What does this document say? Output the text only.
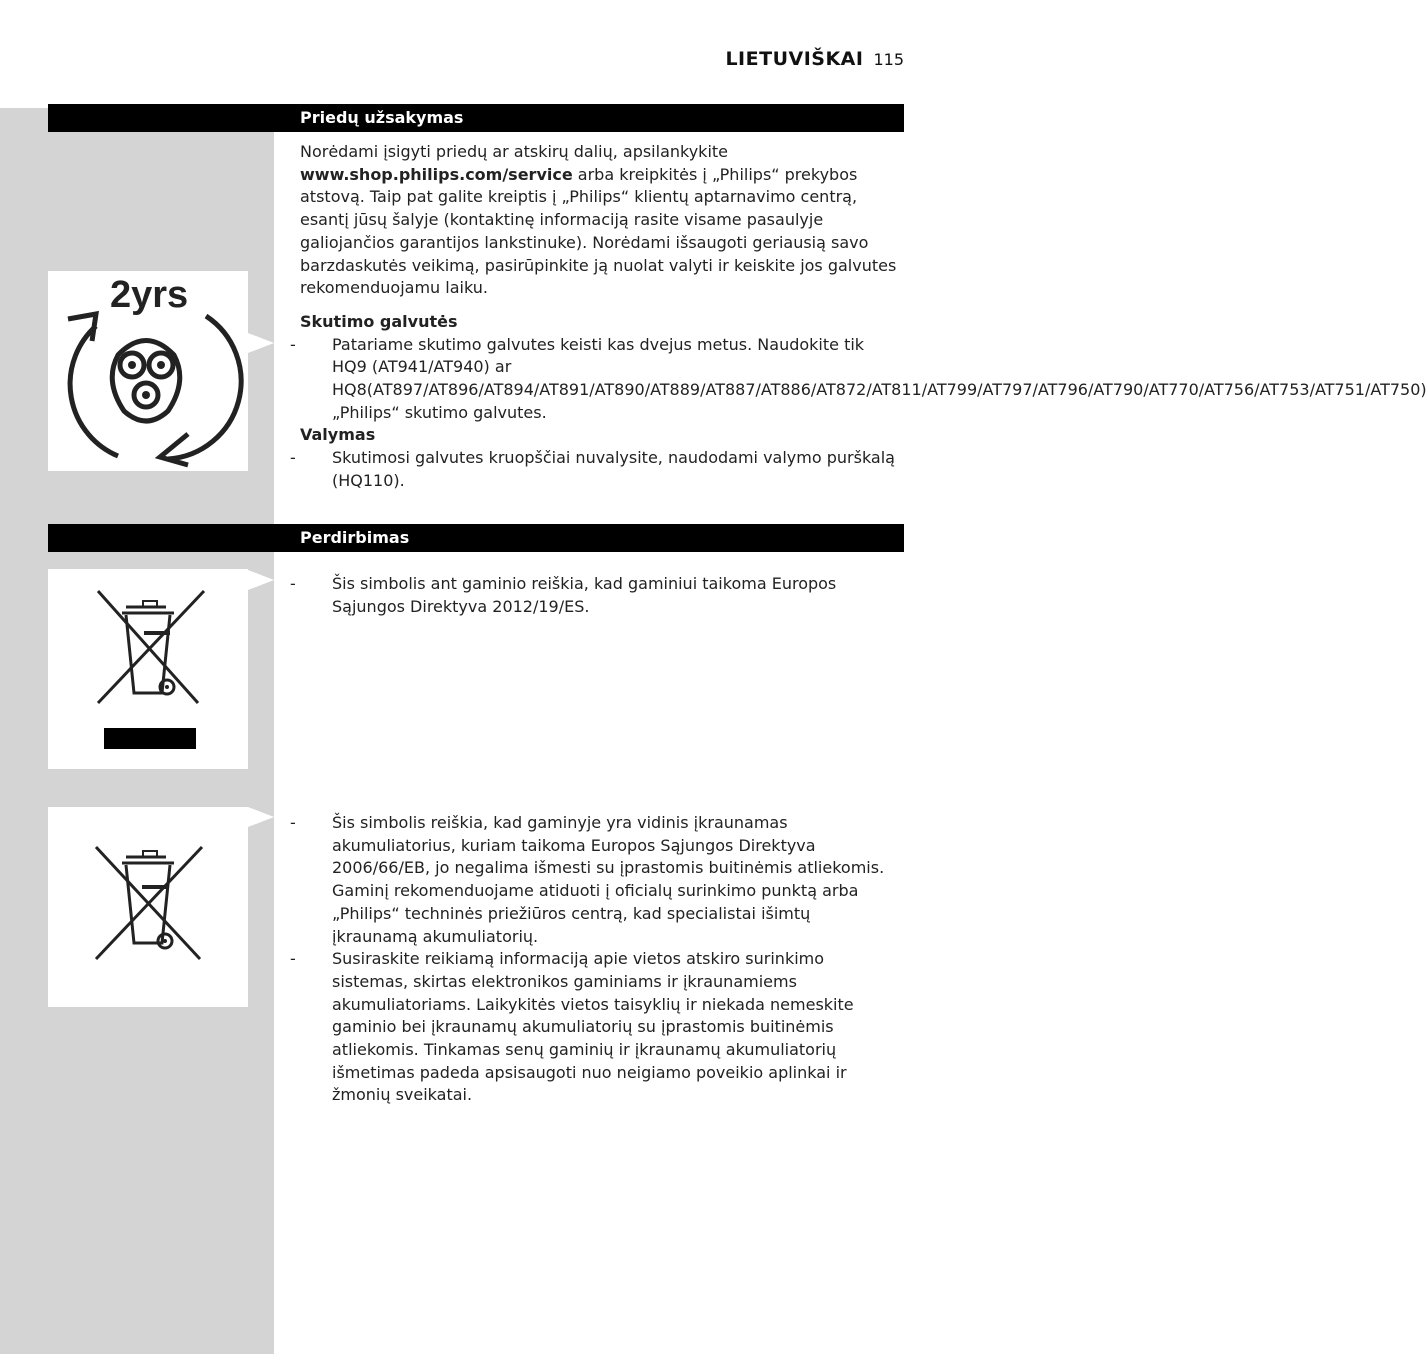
LIETUVIŠKAI 115
Priedų užsakymas
2yrs

Norėdami įsigyti priedų ar atskirų dalių, apsilankykite
www.shop.philips.com/service arba kreipkitės į „Philips“ prekybos atstovą. Taip pat galite kreiptis į „Philips“ klientų aptarnavimo centrą, esantį jūsų šalyje (kontaktinę informaciją rasite visame pasaulyje galiojančios garantijos lankstinuke). Norėdami išsaugoti geriausią savo barzdaskutės veikimą, pasirūpinkite ją nuolat valyti ir keiskite jos galvutes rekomenduojamu laiku.

Skutimo galvutės

- Patariame skutimo galvutes keisti kas dvejus metus. Naudokite tik HQ9 (AT941/AT940) ar HQ8(AT897/AT896/AT894/AT891/AT890/AT889/AT887/AT886/AT872/AT811/AT799/AT797/AT796/AT790/AT770/AT756/AT753/AT751/AT750) „Philips“ skutimo galvutes.

Valymas

- Skutimosi galvutes kruopščiai nuvalysite, naudodami valymo purškalą (HQ110).
Perdirbimas
- Šis simbolis ant gaminio reiškia, kad gaminiui taikoma Europos Sąjungos Direktyva 2012/19/ES.
- Šis simbolis reiškia, kad gaminyje yra vidinis įkraunamas akumuliatorius, kuriam taikoma Europos Sąjungos Direktyva 2006/66/EB, jo negalima išmesti su įprastomis buitinėmis atliekomis. Gaminį rekomenduojame atiduoti į oficialų surinkimo punktą arba „Philips“ techninės priežiūros centrą, kad specialistai išimtų įkraunamą akumuliatorių.
- Susiraskite reikiamą informaciją apie vietos atskiro surinkimo sistemas, skirtas elektronikos gaminiams ir įkraunamiems akumuliatoriams. Laikykitės vietos taisyklių ir niekada nemeskite gaminio bei įkraunamų akumuliatorių su įprastomis buitinėmis atliekomis. Tinkamas senų gaminių ir įkraunamų akumuliatorių išmetimas padeda apsisaugoti nuo neigiamo poveikio aplinkai ir žmonių sveikatai.
